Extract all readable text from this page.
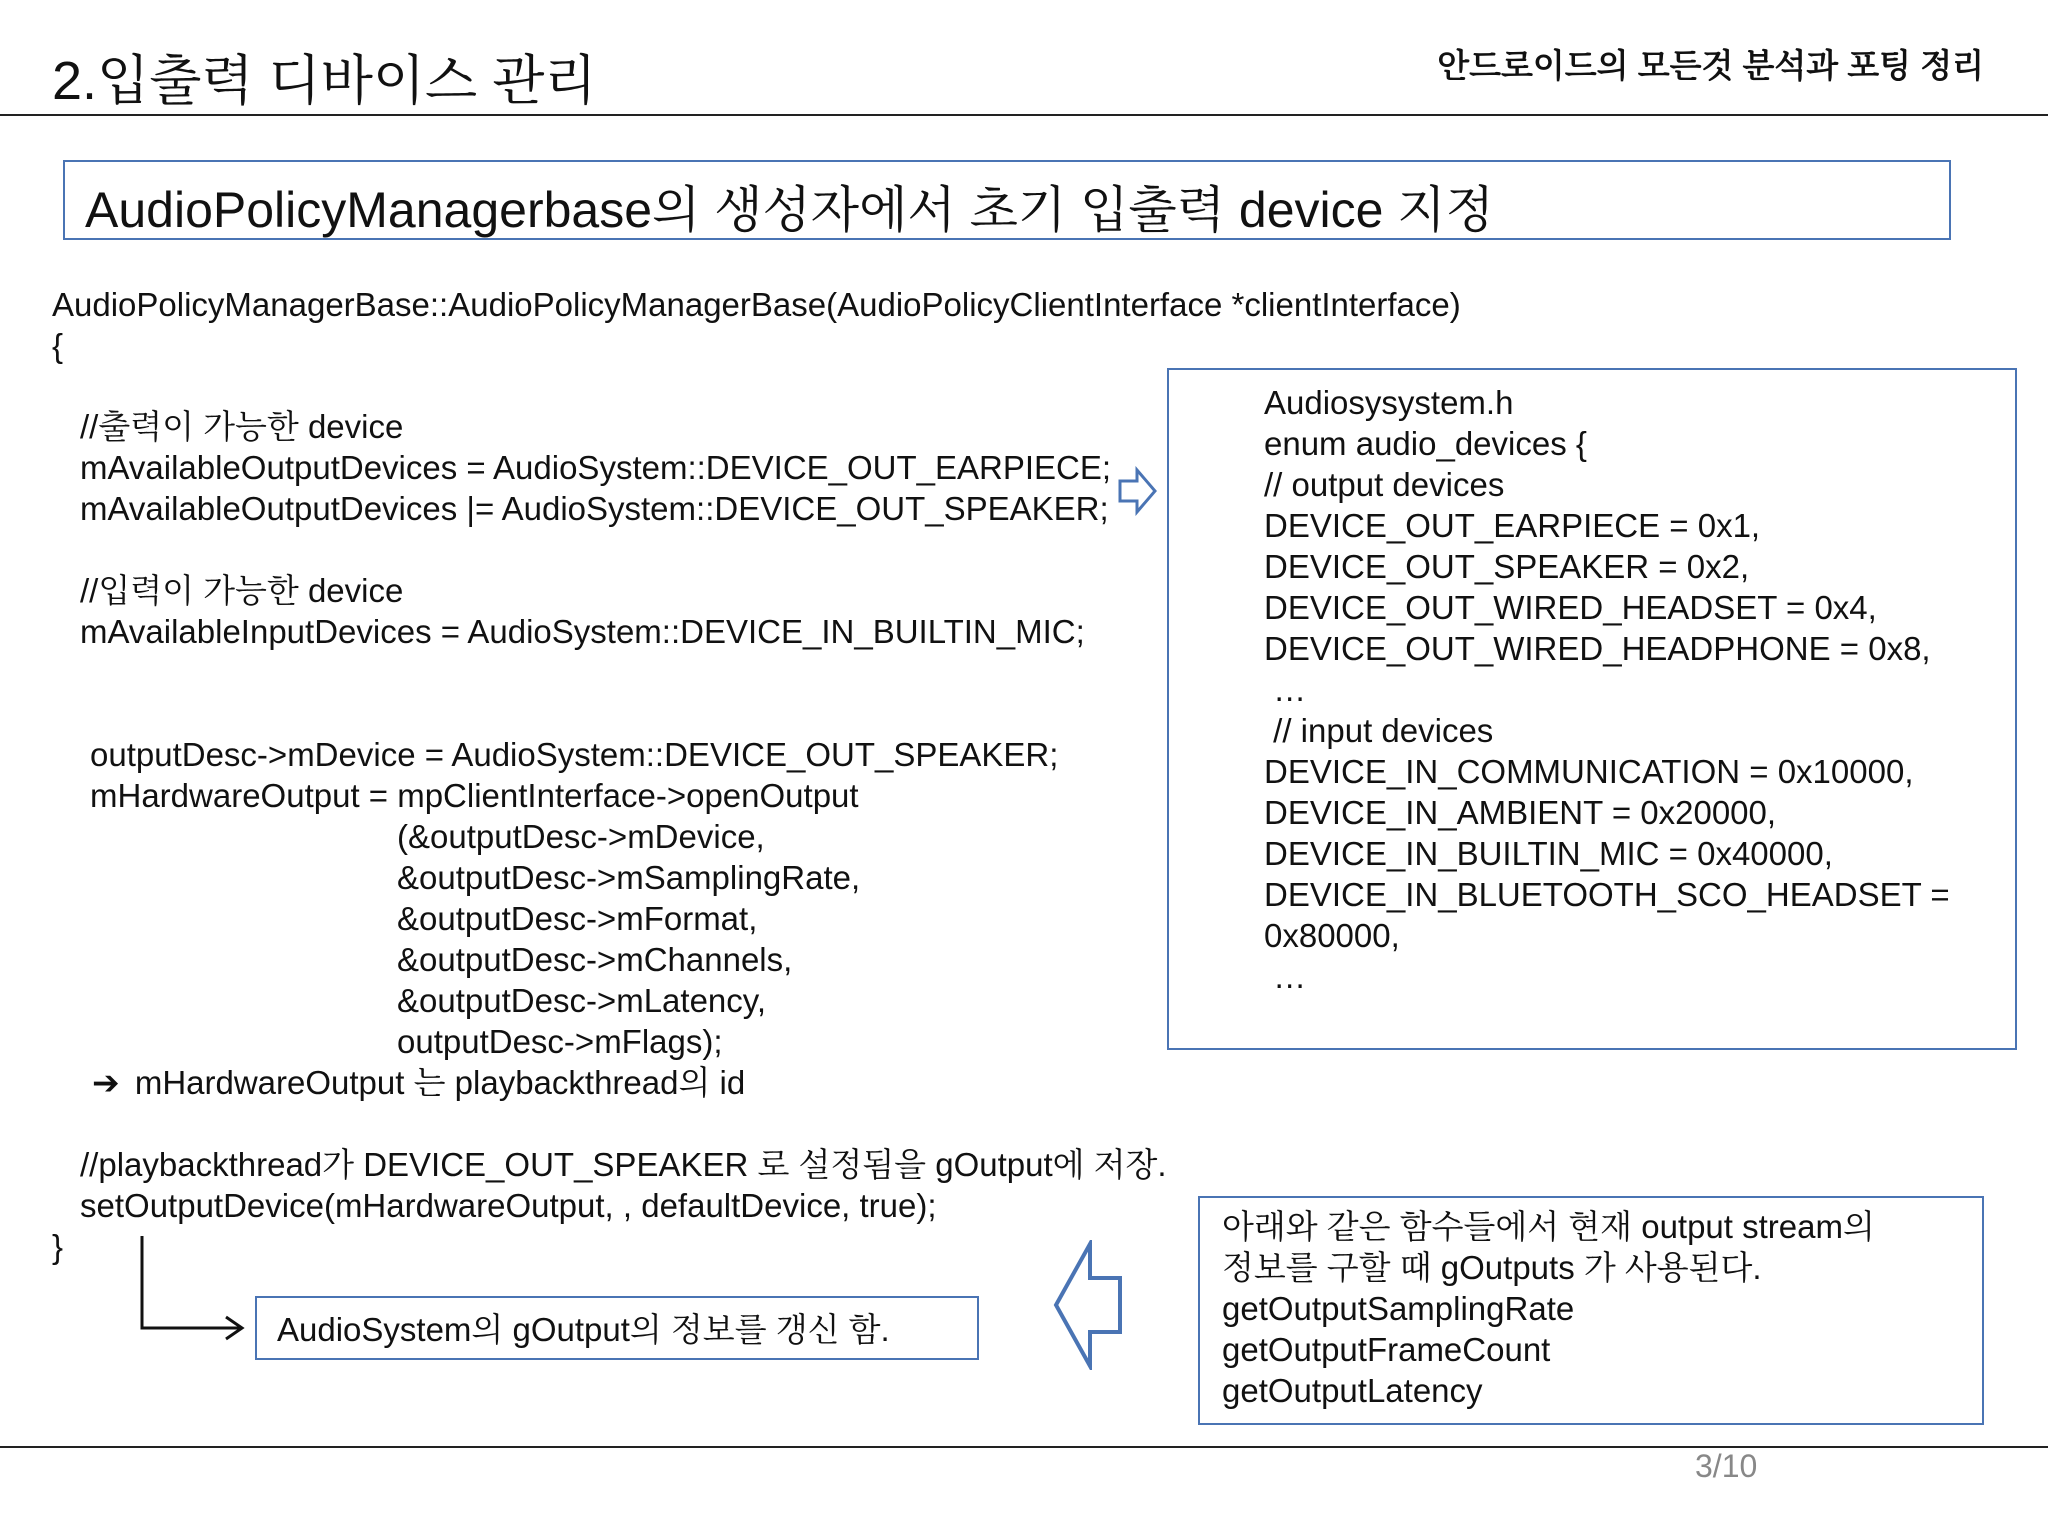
2.입출력 디바이스 관리	안드로이드의 모든것 분석과 포팅 정리
AudioPolicyManagerbase의 생성자에서 초기 입출력 device 지정
AudioPolicyManagerBase::AudioPolicyManagerBase(AudioPolicyClientInterface *clientInterface)
{
//출력이 가능한 device
mAvailableOutputDevices = AudioSystem::DEVICE_OUT_EARPIECE;
mAvailableOutputDevices |= AudioSystem::DEVICE_OUT_SPEAKER;
//입력이 가능한 device
mAvailableInputDevices = AudioSystem::DEVICE_IN_BUILTIN_MIC;
outputDesc->mDevice = AudioSystem::DEVICE_OUT_SPEAKER;
mHardwareOutput = mpClientInterface->openOutput
(&outputDesc->mDevice,
&outputDesc->mSamplingRate,
&outputDesc->mFormat,
&outputDesc->mChannels,
&outputDesc->mLatency,
outputDesc->mFlags);
➔ mHardwareOutput 는 playbackthread의 id
//playbackthread가 DEVICE_OUT_SPEAKER 로 설정됨을 gOutput에 저장.
setOutputDevice(mHardwareOutput, , defaultDevice, true);
}
Audiosysystem.h
enum audio_devices {
// output devices
DEVICE_OUT_EARPIECE = 0x1,
DEVICE_OUT_SPEAKER = 0x2,
DEVICE_OUT_WIRED_HEADSET = 0x4,
DEVICE_OUT_WIRED_HEADPHONE = 0x8,
…
// input devices
DEVICE_IN_COMMUNICATION = 0x10000,
DEVICE_IN_AMBIENT = 0x20000,
DEVICE_IN_BUILTIN_MIC = 0x40000,
DEVICE_IN_BLUETOOTH_SCO_HEADSET =
0x80000,
…
아래와 같은 함수들에서 현재 output stream의
정보를 구할 때 gOutputs 가 사용된다.
getOutputSamplingRate
getOutputFrameCount
getOutputLatency
AudioSystem의 gOutput의 정보를 갱신 함.
3/10
